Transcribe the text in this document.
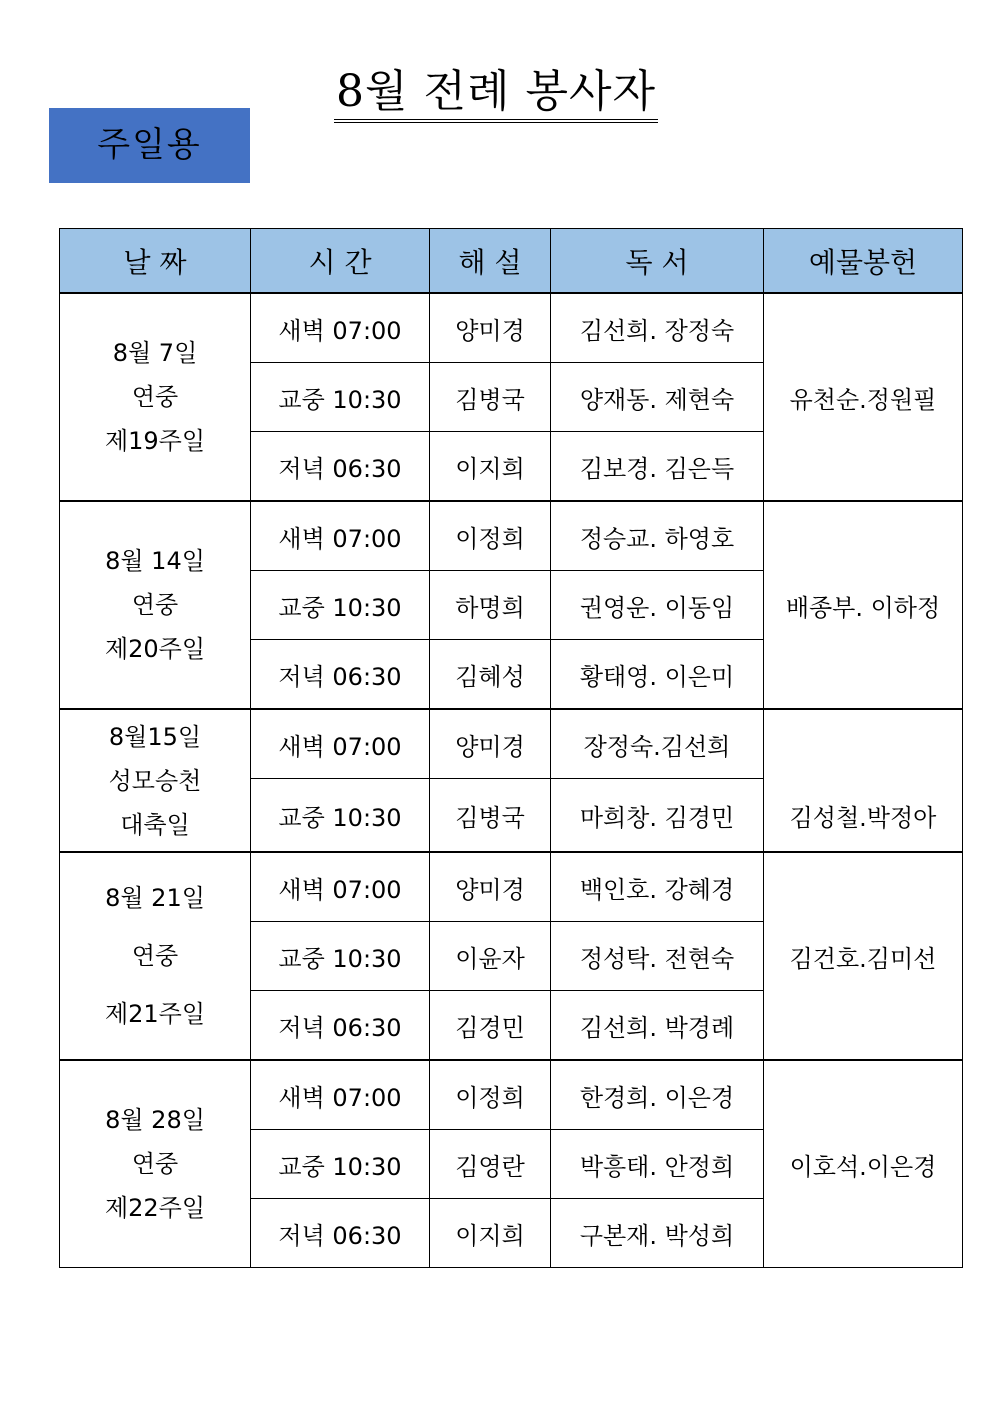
8월 전례 봉사자
주일용
날 짜	시 간	해 설	독 서	예물봉헌

8월 7일
연중
제19주일	새벽 07:00	양미경	김선희. 장정숙	유천순.정원필
	교중 10:30	김병국	양재동. 제현숙	
	저녁 06:30	이지희	김보경. 김은득	

8월 14일
연중
제20주일	새벽 07:00	이정희	정승교. 하영호	배종부. 이하정
	교중 10:30	하명희	권영운. 이동임	
	저녁 06:30	김혜성	황태영. 이은미	

8월15일
성모승천
대축일	새벽 07:00	양미경	장정숙.김선희	김성철.박정아
	교중 10:30	김병국	마희창. 김경민	

8월 21일
연중
제21주일	새벽 07:00	양미경	백인호. 강혜경	김건호.김미선
	교중 10:30	이윤자	정성탁. 전현숙	
	저녁 06:30	김경민	김선희. 박경례	

8월 28일
연중
제22주일	새벽 07:00	이정희	한경희. 이은경	이호석.이은경
	교중 10:30	김영란	박흥태. 안정희	
	저녁 06:30	이지희	구본재. 박성희	
